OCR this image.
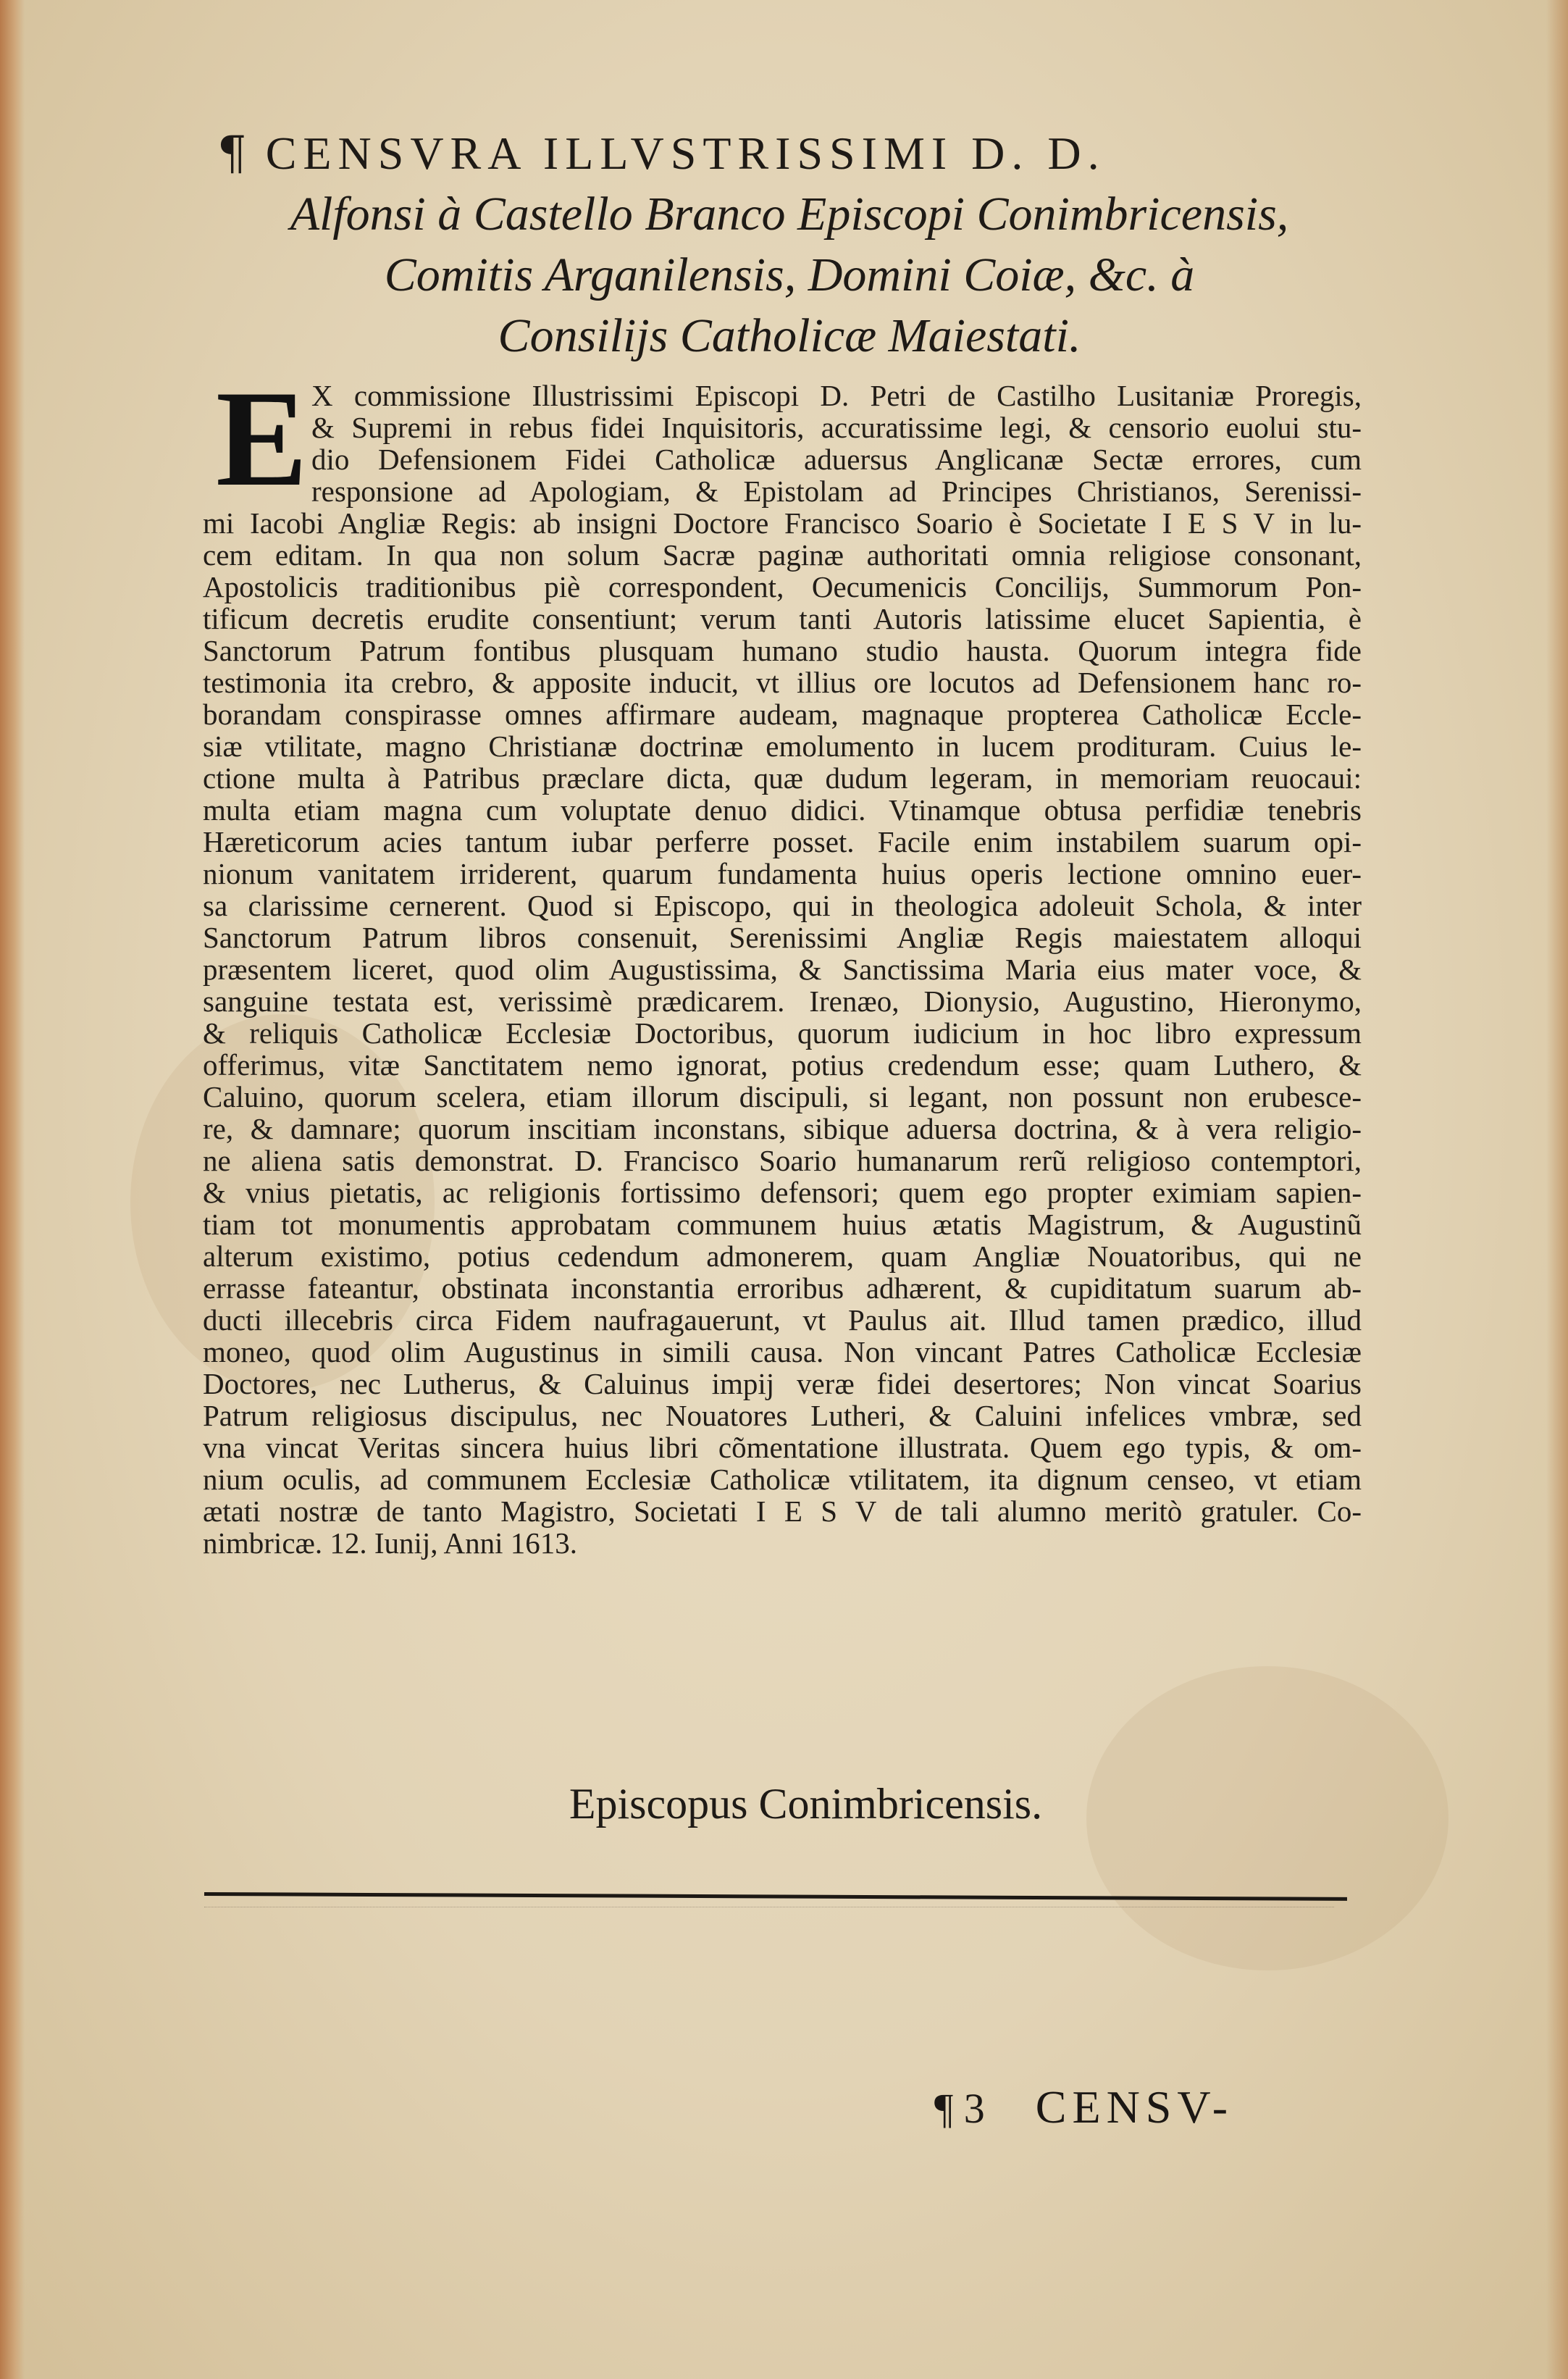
¶ CENSVRA ILLVSTRISSIMI D. D.
Alfonsi à Castello Branco Episcopi Conimbricensis,
Comitis Arganilensis, Domini Coiæ, &c. à
Consilijs Catholicæ Maiestati.
E X commissione Illustrissimi Episcopi D. Petri de Castilho Lusitaniæ Proregis,
& Supremi in rebus fidei Inquisitoris, accuratissime legi, & censorio euolui stu-
dio Defensionem Fidei Catholicæ aduersus Anglicanæ Sectæ errores, cum
responsione ad Apologiam, & Epistolam ad Principes Christianos, Serenissi-
mi Iacobi Angliæ Regis: ab insigni Doctore Francisco Soario è Societate I E S V in lu-
cem editam. In qua non solum Sacræ paginæ authoritati omnia religiose consonant,
Apostolicis traditionibus piè correspondent, Oecumenicis Concilijs, Summorum Pon-
tificum decretis erudite consentiunt; verum tanti Autoris latissime elucet Sapientia, è
Sanctorum Patrum fontibus plusquam humano studio hausta. Quorum integra fide
testimonia ita crebro, & apposite inducit, vt illius ore locutos ad Defensionem hanc ro-
borandam conspirasse omnes affirmare audeam, magnaque propterea Catholicæ Eccle-
siæ vtilitate, magno Christianæ doctrinæ emolumento in lucem prodituram. Cuius le-
ctione multa à Patribus præclare dicta, quæ dudum legeram, in memoriam reuocaui:
multa etiam magna cum voluptate denuo didici. Vtinamque obtusa perfidiæ tenebris
Hæreticorum acies tantum iubar perferre posset. Facile enim instabilem suarum opi-
nionum vanitatem irriderent, quarum fundamenta huius operis lectione omnino euer-
sa clarissime cernerent. Quod si Episcopo, qui in theologica adoleuit Schola, & inter
Sanctorum Patrum libros consenuit, Serenissimi Angliæ Regis maiestatem alloqui
præsentem liceret, quod olim Augustissima, & Sanctissima Maria eius mater voce, &
sanguine testata est, verissimè prædicarem. Irenæo, Dionysio, Augustino, Hieronymo,
& reliquis Catholicæ Ecclesiæ Doctoribus, quorum iudicium in hoc libro expressum
offerimus, vitæ Sanctitatem nemo ignorat, potius credendum esse; quam Luthero, &
Caluino, quorum scelera, etiam illorum discipuli, si legant, non possunt non erubesce-
re, & damnare; quorum inscitiam inconstans, sibique aduersa doctrina, & à vera religio-
ne aliena satis demonstrat. D. Francisco Soario humanarum rerũ religioso contemptori,
& vnius pietatis, ac religionis fortissimo defensori; quem ego propter eximiam sapien-
tiam tot monumentis approbatam communem huius ætatis Magistrum, & Augustinũ
alterum existimo, potius cedendum admonerem, quam Angliæ Nouatoribus, qui ne
errasse fateantur, obstinata inconstantia erroribus adhærent, & cupiditatum suarum ab-
ducti illecebris circa Fidem naufragauerunt, vt Paulus ait. Illud tamen prædico, illud
moneo, quod olim Augustinus in simili causa. Non vincant Patres Catholicæ Ecclesiæ
Doctores, nec Lutherus, & Caluinus impij veræ fidei desertores; Non vincat Soarius
Patrum religiosus discipulus, nec Nouatores Lutheri, & Caluini infelices vmbræ, sed
vna vincat Veritas sincera huius libri cõmentatione illustrata. Quem ego typis, & om-
nium oculis, ad communem Ecclesiæ Catholicæ vtilitatem, ita dignum censeo, vt etiam
ætati nostræ de tanto Magistro, Societati I E S V de tali alumno meritò gratuler. Co-
nimbricæ. 12. Iunij, Anni 1613.
Episcopus Conimbricensis.
¶ 3 CENSV-
